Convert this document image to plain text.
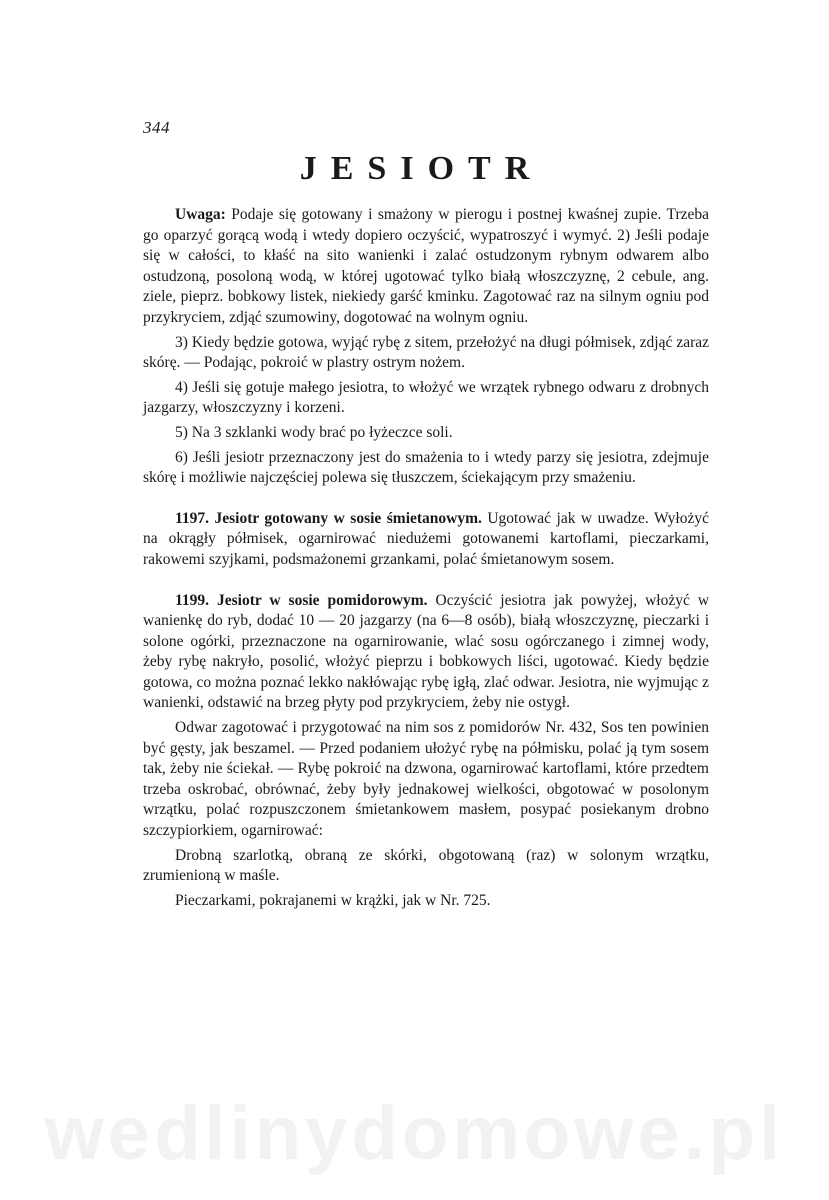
344
JESIOTR

Uwaga: Podaje się gotowany i smażony w pierogu i postnej kwaśnej zupie. Trzeba go oparzyć gorącą wodą i wtedy dopiero oczyścić, wypatroszyć i wymyć. 2) Jeśli podaje się w całości, to kłaść na sito wanienki i zalać ostudzonym rybnym odwarem albo ostudzoną, posoloną wodą, w której ugotować tylko białą włoszczyznę, 2 cebule, ang. ziele, pieprz. bobkowy listek, niekiedy garść kminku. Zagotować raz na silnym ogniu pod przykryciem, zdjąć szumowiny, dogotować na wolnym ogniu.

3) Kiedy będzie gotowa, wyjąć rybę z sitem, przełożyć na długi półmisek, zdjąć zaraz skórę. — Podając, pokroić w plastry ostrym nożem.

4) Jeśli się gotuje małego jesiotra, to włożyć we wrzątek rybnego odwaru z drobnych jazgarzy, włoszczyzny i korzeni.

5) Na 3 szklanki wody brać po łyżeczce soli.

6) Jeśli jesiotr przeznaczony jest do smażenia to i wtedy parzy się jesiotra, zdejmuje skórę i możliwie najczęściej polewa się tłuszczem, ściekającym przy smażeniu.

1197. Jesiotr gotowany w sosie śmietanowym. Ugotować jak w uwadze. Wyłożyć na okrągły półmisek, ogarnirować niedużemi gotowanemi kartoflami, pieczarkami, rakowemi szyjkami, podsmażonemi grzankami, polać śmietanowym sosem.

1199. Jesiotr w sosie pomidorowym. Oczyścić jesiotra jak powyżej, włożyć w wanienkę do ryb, dodać 10 — 20 jazgarzy (na 6—8 osób), białą włoszczyznę, pieczarki i solone ogórki, przeznaczone na ogarnirowanie, wlać sosu ogórczanego i zimnej wody, żeby rybę nakryło, posolić, włożyć pieprzu i bobkowych liści, ugotować. Kiedy będzie gotowa, co można poznać lekko nakłówając rybę igłą, zlać odwar. Jesiotra, nie wyjmując z wanienki, odstawić na brzeg płyty pod przykryciem, żeby nie ostygł.

Odwar zagotować i przygotować na nim sos z pomidorów Nr. 432, Sos ten powinien być gęsty, jak beszamel. — Przed podaniem ułożyć rybę na półmisku, polać ją tym sosem tak, żeby nie ściekał. — Rybę pokroić na dzwona, ogarnirować kartoflami, które przedtem trzeba oskrobać, obrównać, żeby były jednakowej wielkości, obgotować w posolonym wrzątku, polać rozpuszczonem śmietankowem masłem, posypać posiekanym drobno szczypiorkiem, ogarnirować:

Drobną szarlotką, obraną ze skórki, obgotowaną (raz) w solonym wrzątku, zrumienioną w maśle.

Pieczarkami, pokrajanemi w krążki, jak w Nr. 725.

wedlinydomowe.pl
